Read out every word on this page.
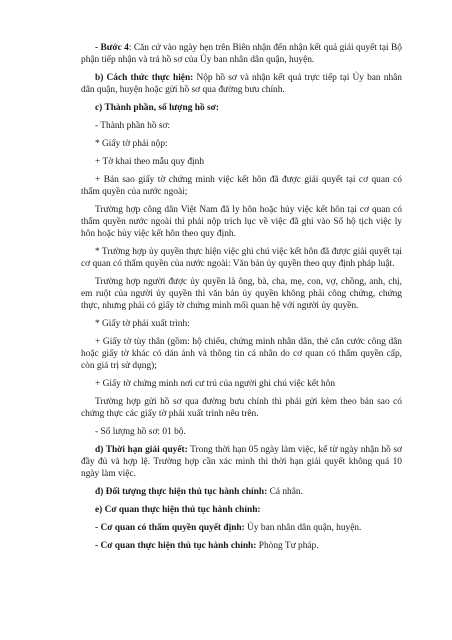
- Bước 4: Căn cứ vào ngày hẹn trên Biên nhận đến nhận kết quả giải quyết tại Bộ phận tiếp nhận và trả hồ sơ của Ủy ban nhân dân quận, huyện.

b) Cách thức thực hiện: Nộp hồ sơ và nhận kết quả trực tiếp tại Ủy ban nhân dân quận, huyện hoặc gửi hồ sơ qua đường bưu chính.

c) Thành phần, số lượng hồ sơ:

- Thành phần hồ sơ:

* Giấy tờ phải nộp:

+ Tờ khai theo mẫu quy định

+ Bản sao giấy tờ chứng minh việc kết hôn đã được giải quyết tại cơ quan có thẩm quyền của nước ngoài;

Trường hợp công dân Việt Nam đã ly hôn hoặc hủy việc kết hôn tại cơ quan có thẩm quyền nước ngoài thì phải nộp trích lục về việc đã ghi vào Sổ hộ tịch việc ly hôn hoặc hủy việc kết hôn theo quy định.

* Trường hợp ủy quyền thực hiện việc ghi chú việc kết hôn đã được giải quyết tại cơ quan có thẩm quyền của nước ngoài: Văn bản ủy quyền theo quy định pháp luật.

Trường hợp người được ủy quyền là ông, bà, cha, mẹ, con, vợ, chồng, anh, chị, em ruột của người ủy quyền thì văn bản ủy quyền không phải công chứng, chứng thực, nhưng phải có giấy tờ chứng minh mối quan hệ với người ủy quyền.

* Giấy tờ phải xuất trình:

+ Giấy tờ tùy thân (gồm: hộ chiếu, chứng minh nhân dân, thẻ căn cước công dân hoặc giấy tờ khác có dán ảnh và thông tin cá nhân do cơ quan có thẩm quyền cấp, còn giá trị sử dụng);

+ Giấy tờ chứng minh nơi cư trú của người ghi chú việc kết hôn

Trường hợp gửi hồ sơ qua đường bưu chính thì phải gửi kèm theo bản sao có chứng thực các giấy tờ phải xuất trình nêu trên.

- Số lượng hồ sơ: 01 bộ.

d) Thời hạn giải quyết: Trong thời hạn 05 ngày làm việc, kể từ ngày nhận hồ sơ đầy đủ và hợp lệ. Trường hợp cần xác minh thì thời hạn giải quyết không quá 10 ngày làm việc.

đ) Đối tượng thực hiện thủ tục hành chính: Cá nhân.

e) Cơ quan thực hiện thủ tục hành chính:

- Cơ quan có thẩm quyền quyết định: Ủy ban nhân dân quận, huyện.

- Cơ quan thực hiện thủ tục hành chính: Phòng Tư pháp.
